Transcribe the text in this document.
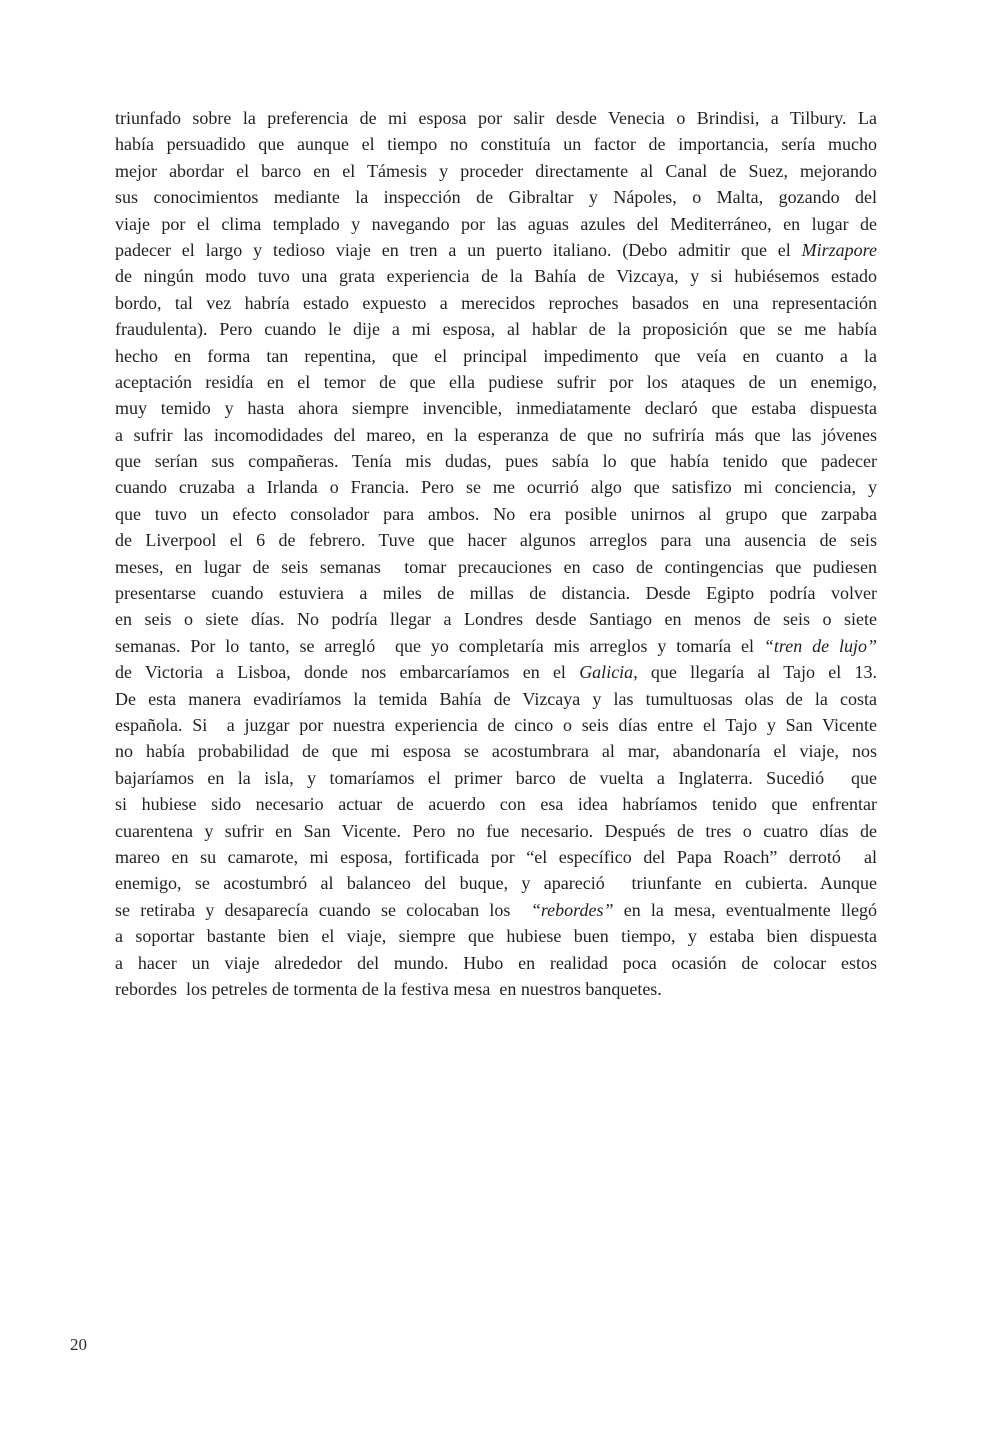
triunfado sobre la preferencia de mi esposa por salir desde Venecia o Brindisi, a Tilbury. La
había persuadido que aunque el tiempo no constituía un factor de importancia, sería mucho
mejor abordar el barco en el Támesis y proceder directamente al Canal de Suez, mejorando
sus conocimientos mediante la inspección de Gibraltar y Nápoles, o Malta, gozando del
viaje por el clima templado y navegando por las aguas azules del Mediterráneo, en lugar de
padecer el largo y tedioso viaje en tren a un puerto italiano. (Debo admitir que el Mirzapore
de ningún modo tuvo una grata experiencia de la Bahía de Vizcaya, y si hubiésemos estado
bordo, tal vez habría estado expuesto a merecidos reproches basados en una representación
fraudulenta). Pero cuando le dije a mi esposa, al hablar de la proposición que se me había
hecho en forma tan repentina, que el principal impedimento que veía en cuanto a la
aceptación residía en el temor de que ella pudiese sufrir por los ataques de un enemigo,
muy temido y hasta ahora siempre invencible, inmediatamente declaró que estaba dispuesta
a sufrir las incomodidades del mareo, en la esperanza de que no sufriría más que las jóvenes
que serían sus compañeras. Tenía mis dudas, pues sabía lo que había tenido que padecer
cuando cruzaba a Irlanda o Francia. Pero se me ocurrió algo que satisfizo mi conciencia, y
que tuvo un efecto consolador para ambos. No era posible unirnos al grupo que zarpaba
de Liverpool el 6 de febrero. Tuve que hacer algunos arreglos para una ausencia de seis
meses, en lugar de seis semanas  tomar precauciones en caso de contingencias que pudiesen
presentarse cuando estuviera a miles de millas de distancia. Desde Egipto podría volver
en seis o siete días. No podría llegar a Londres desde Santiago en menos de seis o siete
semanas. Por lo tanto, se arregló  que yo completaría mis arreglos y tomaría el “tren de lujo”
de Victoria a Lisboa, donde nos embarcaríamos en el Galicia, que llegaría al Tajo el 13.
De esta manera evadiríamos la temida Bahía de Vizcaya y las tumultuosas olas de la costa
española. Si  a juzgar por nuestra experiencia de cinco o seis días entre el Tajo y San Vicente
no había probabilidad de que mi esposa se acostumbrara al mar, abandonaría el viaje, nos
bajaríamos en la isla, y tomaríamos el primer barco de vuelta a Inglaterra. Sucedió  que
si hubiese sido necesario actuar de acuerdo con esa idea habríamos tenido que enfrentar
cuarentena y sufrir en San Vicente. Pero no fue necesario. Después de tres o cuatro días de
mareo en su camarote, mi esposa, fortificada por “el específico del Papa Roach” derrotó  al
enemigo, se acostumbró al balanceo del buque, y apareció  triunfante en cubierta. Aunque
se retiraba y desaparecía cuando se colocaban los  “rebordes” en la mesa, eventualmente llegó
a soportar bastante bien el viaje, siempre que hubiese buen tiempo, y estaba bien dispuesta
a hacer un viaje alrededor del mundo. Hubo en realidad poca ocasión de colocar estos
rebordes  los petreles de tormenta de la festiva mesa  en nuestros banquetes.
20
